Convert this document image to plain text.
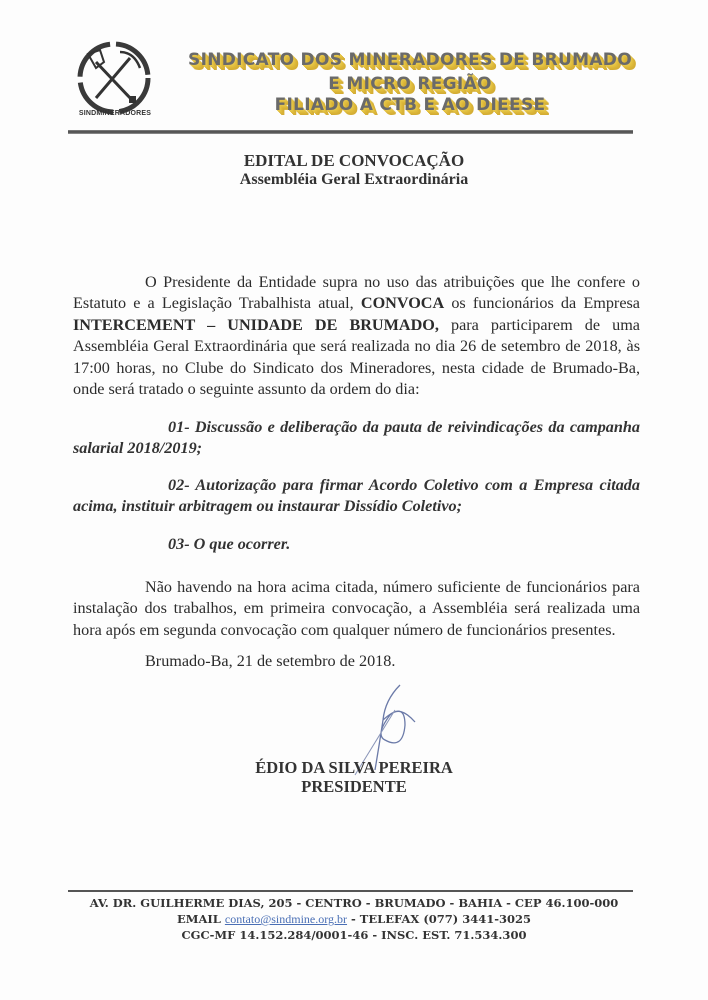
SINDMINERADORES
SINDICATO DOS MINERADORES DE BRUMADO
E MICRO REGIÃO
FILIADO A CTB E AO DIEESE
EDITAL DE CONVOCAÇÃO
Assembléia Geral Extraordinária
O Presidente da Entidade supra no uso das atribuições que lhe confere o Estatuto e a Legislação Trabalhista atual, CONVOCA os funcionários da Empresa INTERCEMENT – UNIDADE DE BRUMADO, para participarem de uma Assembléia Geral Extraordinária que será realizada no dia 26 de setembro de 2018, às 17:00 horas, no Clube do Sindicato dos Mineradores, nesta cidade de Brumado-Ba, onde será tratado o seguinte assunto da ordem do dia:
01- Discussão e deliberação da pauta de reivindicações da campanha salarial 2018/2019;
02- Autorização para firmar Acordo Coletivo com a Empresa citada acima, instituir arbitragem ou instaurar Dissídio Coletivo;
03- O que ocorrer.
Não havendo na hora acima citada, número suficiente de funcionários para instalação dos trabalhos, em primeira convocação, a Assembléia será realizada uma hora após em segunda convocação com qualquer número de funcionários presentes.
Brumado-Ba, 21 de setembro de 2018.
ÉDIO DA SILVA PEREIRA
PRESIDENTE
AV. DR. GUILHERME DIAS, 205 - CENTRO - BRUMADO - BAHIA - CEP 46.100-000
EMAIL contato@sindmine.org.br - TELEFAX (077) 3441-3025
CGC-MF 14.152.284/0001-46 - INSC. EST. 71.534.300
